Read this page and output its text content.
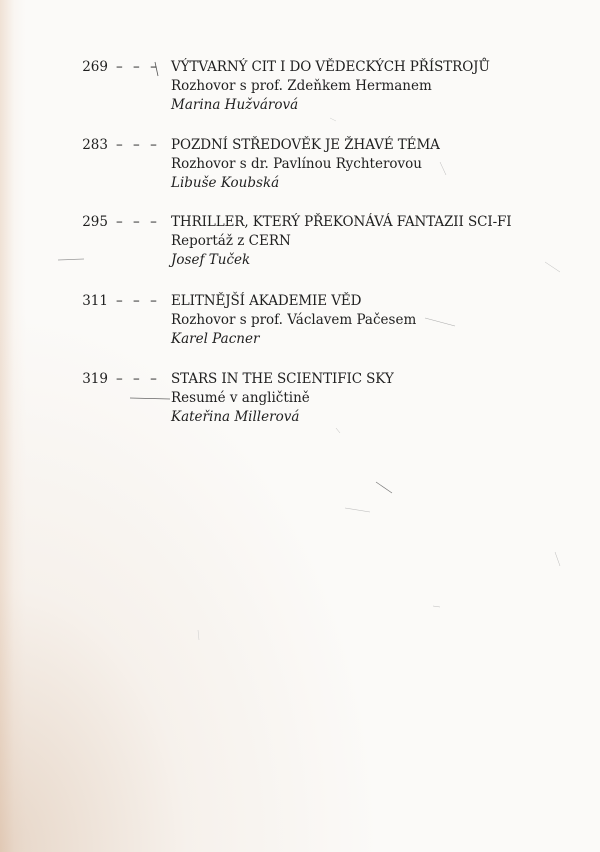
269 – – – VÝTVARNÝ CIT I DO VĚDECKÝCH PŘÍSTROJŮ
Rozhovor s prof. Zdeňkem Hermanem
Marina Hužvárová
283 – – – POZDNÍ STŘEDOVĚK JE ŽHAVÉ TÉMA
Rozhovor s dr. Pavlínou Rychterovou
Libuše Koubská
295 – – – THRILLER, KTERÝ PŘEKONÁVÁ FANTAZII SCI-FI
Reportáž z CERN
Josef Tuček
311 – – – ELITNĚJŠÍ AKADEMIE VĚD
Rozhovor s prof. Václavem Pačesem
Karel Pacner
319 – – – STARS IN THE SCIENTIFIC SKY
Resumé v angličtině
Kateřina Millerová
